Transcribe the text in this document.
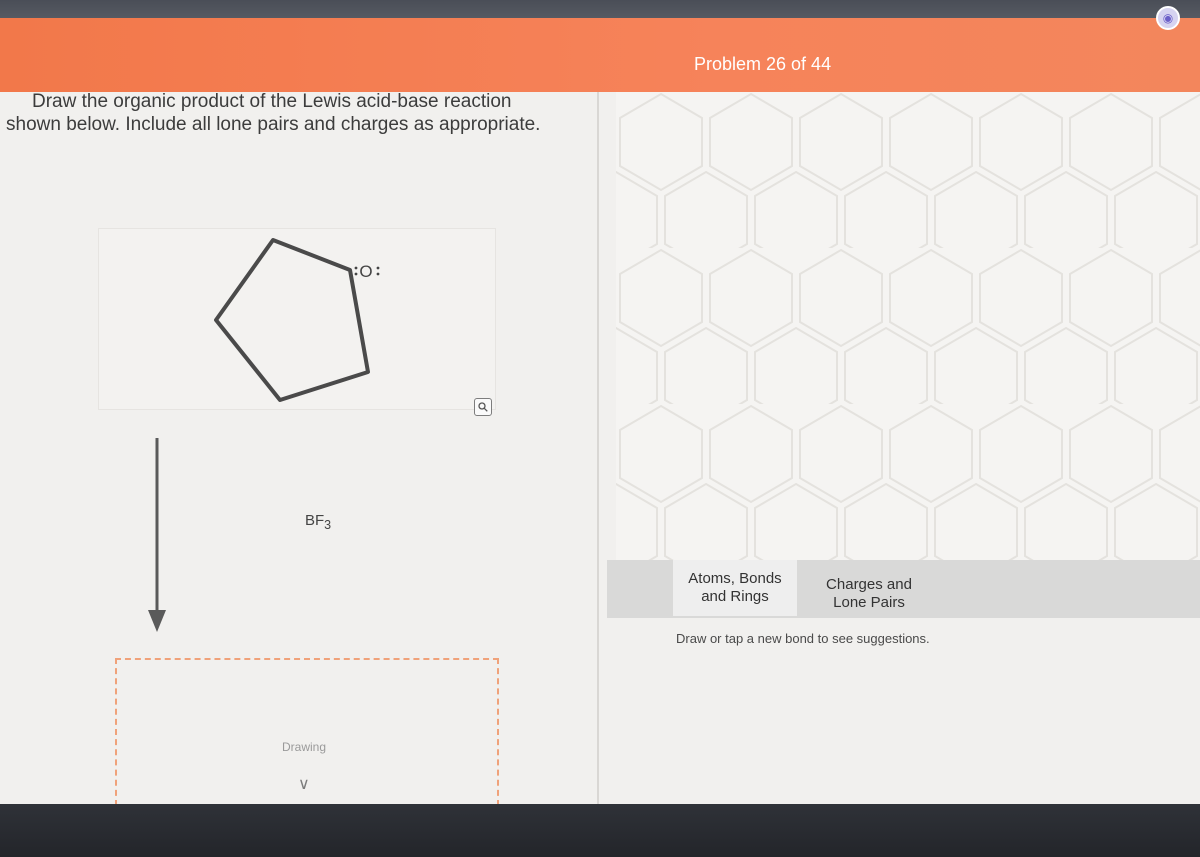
◉
Problem 26 of 44
Draw the organic product of the Lewis acid-base reaction
shown below. Include all lone pairs and charges as appropriate.
O
$BF_3$
Drawing
∨
Atoms, Bonds
and Rings
Charges and
Lone Pairs
Draw or tap a new bond to see suggestions.
